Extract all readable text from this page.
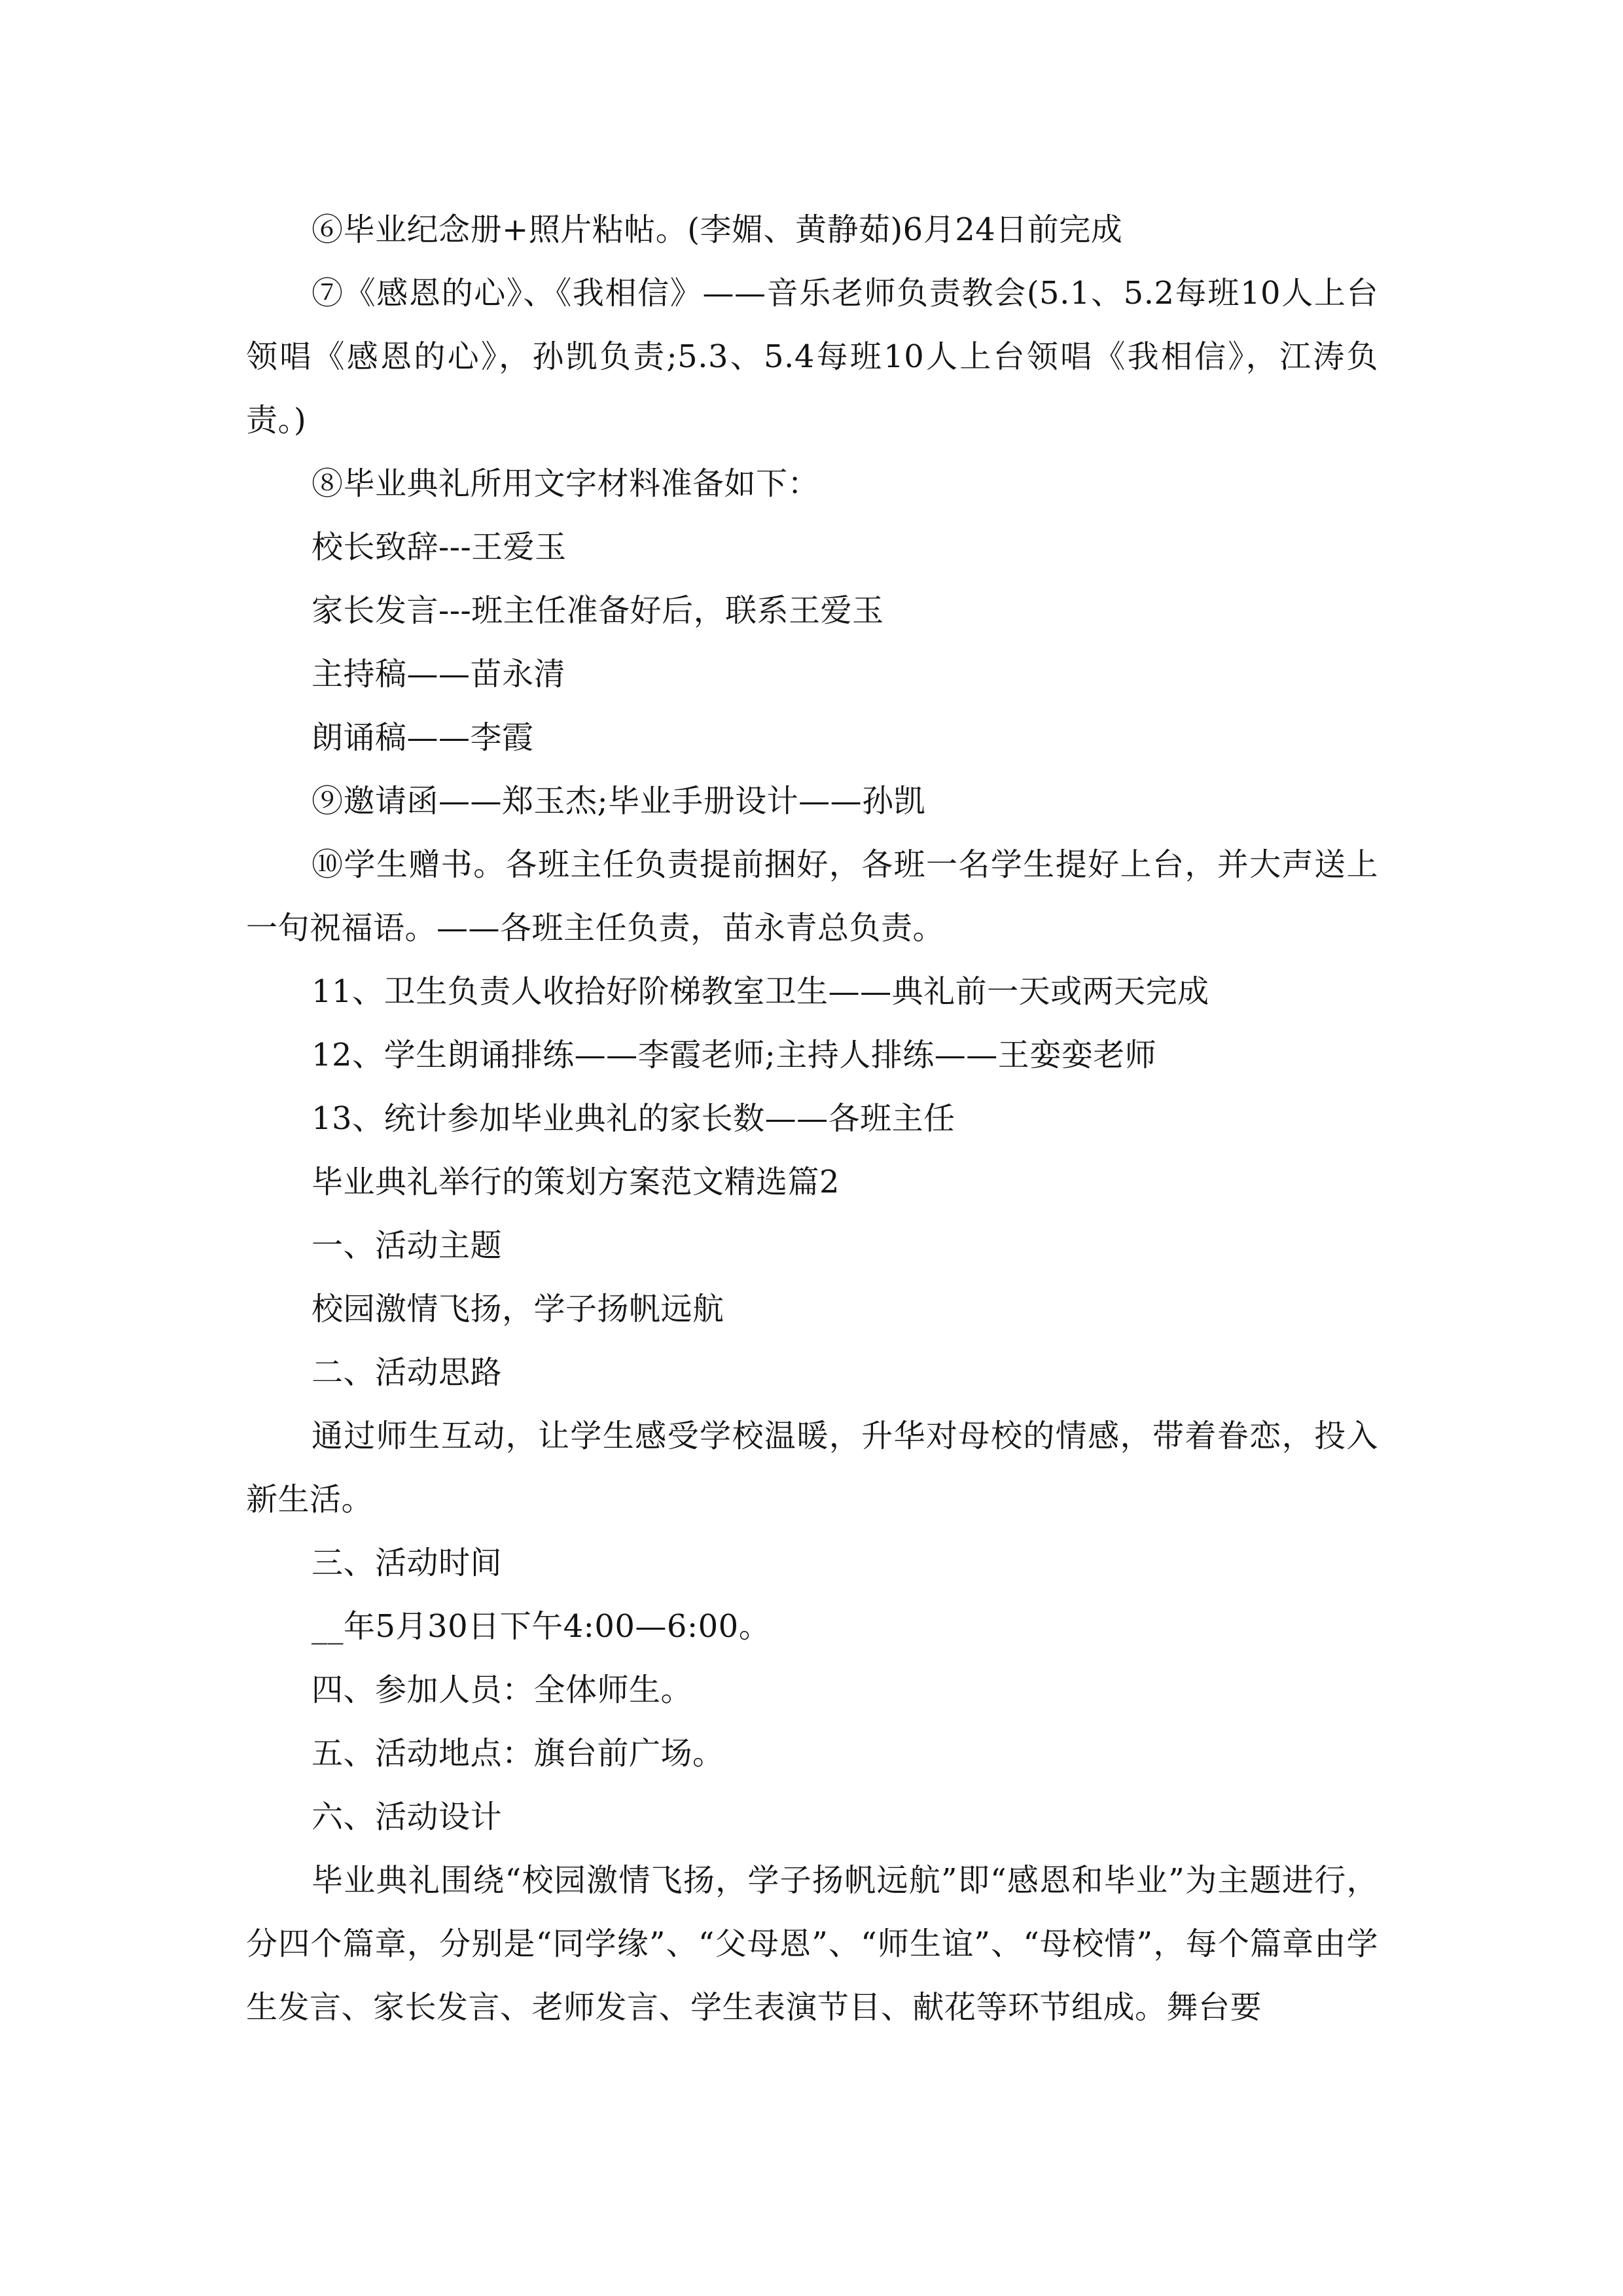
⑥毕业纪念册+照片粘帖。(李媚、黄静茹)6月24日前完成

⑦《感恩的心》、《我相信》——音乐老师负责教会(5.1、5.2每班10人上台领唱《感恩的心》，孙凯负责;5.3、5.4每班10人上台领唱《我相信》，江涛负责。)

⑧毕业典礼所用文字材料准备如下：

校长致辞---王爱玉

家长发言---班主任准备好后，联系王爱玉

主持稿——苗永清

朗诵稿——李霞

⑨邀请函——郑玉杰;毕业手册设计——孙凯

⑩学生赠书。各班主任负责提前捆好，各班一名学生提好上台，并大声送上一句祝福语。——各班主任负责，苗永青总负责。

11、卫生负责人收拾好阶梯教室卫生——典礼前一天或两天完成

12、学生朗诵排练——李霞老师;主持人排练——王娈娈老师

13、统计参加毕业典礼的家长数——各班主任

毕业典礼举行的策划方案范文精选篇2

一、活动主题

校园激情飞扬，学子扬帆远航

二、活动思路

通过师生互动，让学生感受学校温暖，升华对母校的情感，带着眷恋，投入新生活。

三、活动时间

__年5月30日下午4:00—6:00。

四、参加人员：全体师生。

五、活动地点：旗台前广场。

六、活动设计

毕业典礼围绕“校园激情飞扬，学子扬帆远航”即“感恩和毕业”为主题进行，分四个篇章，分别是“同学缘”、“父母恩”、“师生谊”、“母校情”，每个篇章由学生发言、家长发言、老师发言、学生表演节目、献花等环节组成。舞台要
